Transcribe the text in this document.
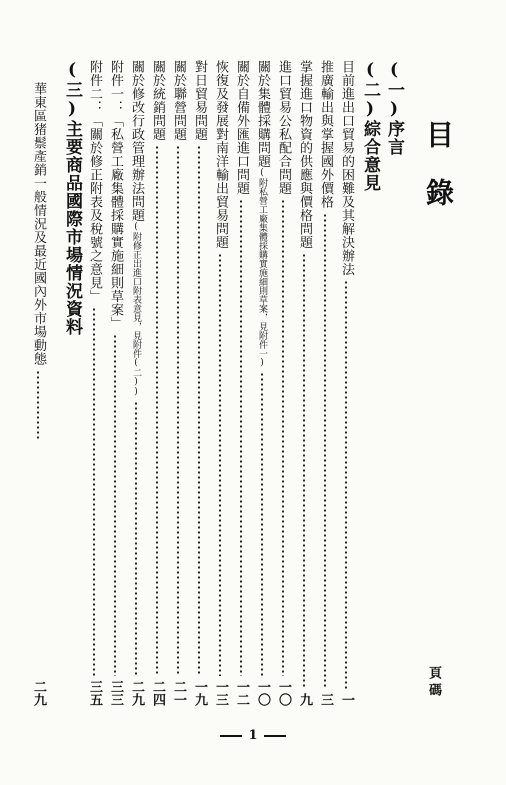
目錄
頁碼
(一)序言
(二)綜合意見
目前進出口貿易的困難及其解決辦法
一
推廣輸出與掌握國外價格
三
掌握進口物資的供應與價格問題
九
進口貿易公私配合問題
一〇
關於集體採購問題
(附私營工廠集體採購實施細則草案，見附件一)
一〇
關於自備外匯進口問題
一二
恢復及發展對南洋輸出貿易問題
一三
對日貿易問題
一九
關於聯營問題
二一
關於統銷問題
二四
關於修改行政管理辦法問題
(附修正出進口附表意見，見附件(二))
二九
附件一：「私營工廠集體採購實施細則草案」
三三
附件二：「關於修正附表及稅號之意見」
三五
(三)主要商品國際市場情況資料
華東區猪鬃產銷一般情況及最近國內外市場動態
二九
1
